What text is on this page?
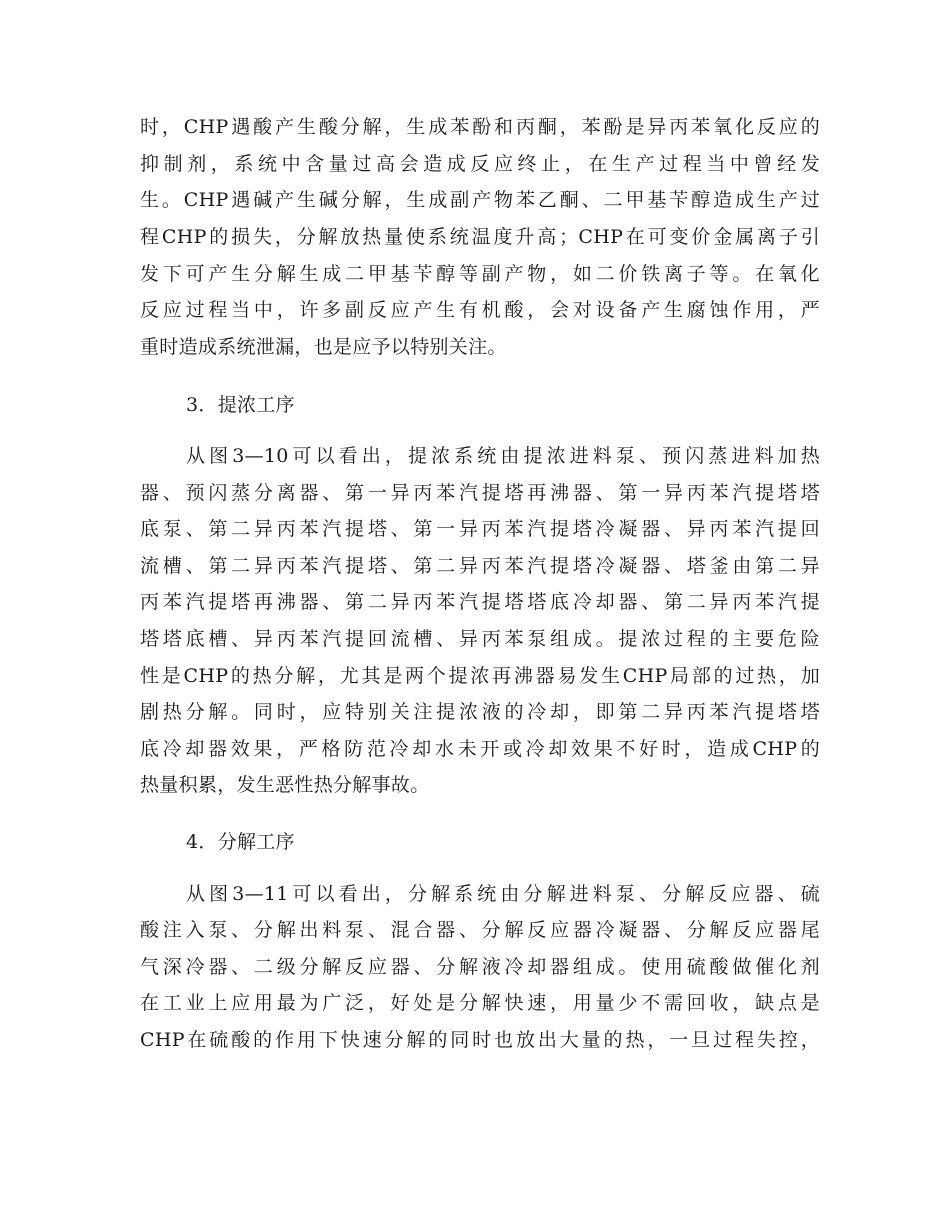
时，CHP遇酸产生酸分解，生成苯酚和丙酮，苯酚是异丙苯氧化反应的
抑制剂，系统中含量过高会造成反应终止，在生产过程当中曾经发
生。CHP遇碱产生碱分解，生成副产物苯乙酮、二甲基苄醇造成生产过
程CHP的损失，分解放热量使系统温度升高；CHP在可变价金属离子引
发下可产生分解生成二甲基苄醇等副产物，如二价铁离子等。在氧化
反应过程当中，许多副反应产生有机酸，会对设备产生腐蚀作用，严
重时造成系统泄漏，也是应予以特别关注。
3．提浓工序
从图3—10可以看出，提浓系统由提浓进料泵、预闪蒸进料加热
器、预闪蒸分离器、第一异丙苯汽提塔再沸器、第一异丙苯汽提塔塔
底泵、第二异丙苯汽提塔、第一异丙苯汽提塔冷凝器、异丙苯汽提回
流槽、第二异丙苯汽提塔、第二异丙苯汽提塔冷凝器、塔釜由第二异
丙苯汽提塔再沸器、第二异丙苯汽提塔塔底冷却器、第二异丙苯汽提
塔塔底槽、异丙苯汽提回流槽、异丙苯泵组成。提浓过程的主要危险
性是CHP的热分解，尤其是两个提浓再沸器易发生CHP局部的过热，加
剧热分解。同时，应特别关注提浓液的冷却，即第二异丙苯汽提塔塔
底冷却器效果，严格防范冷却水未开或冷却效果不好时，造成CHP的
热量积累，发生恶性热分解事故。
4．分解工序
从图3—11可以看出，分解系统由分解进料泵、分解反应器、硫
酸注入泵、分解出料泵、混合器、分解反应器冷凝器、分解反应器尾
气深冷器、二级分解反应器、分解液冷却器组成。使用硫酸做催化剂
在工业上应用最为广泛，好处是分解快速，用量少不需回收，缺点是
CHP在硫酸的作用下快速分解的同时也放出大量的热，一旦过程失控，
